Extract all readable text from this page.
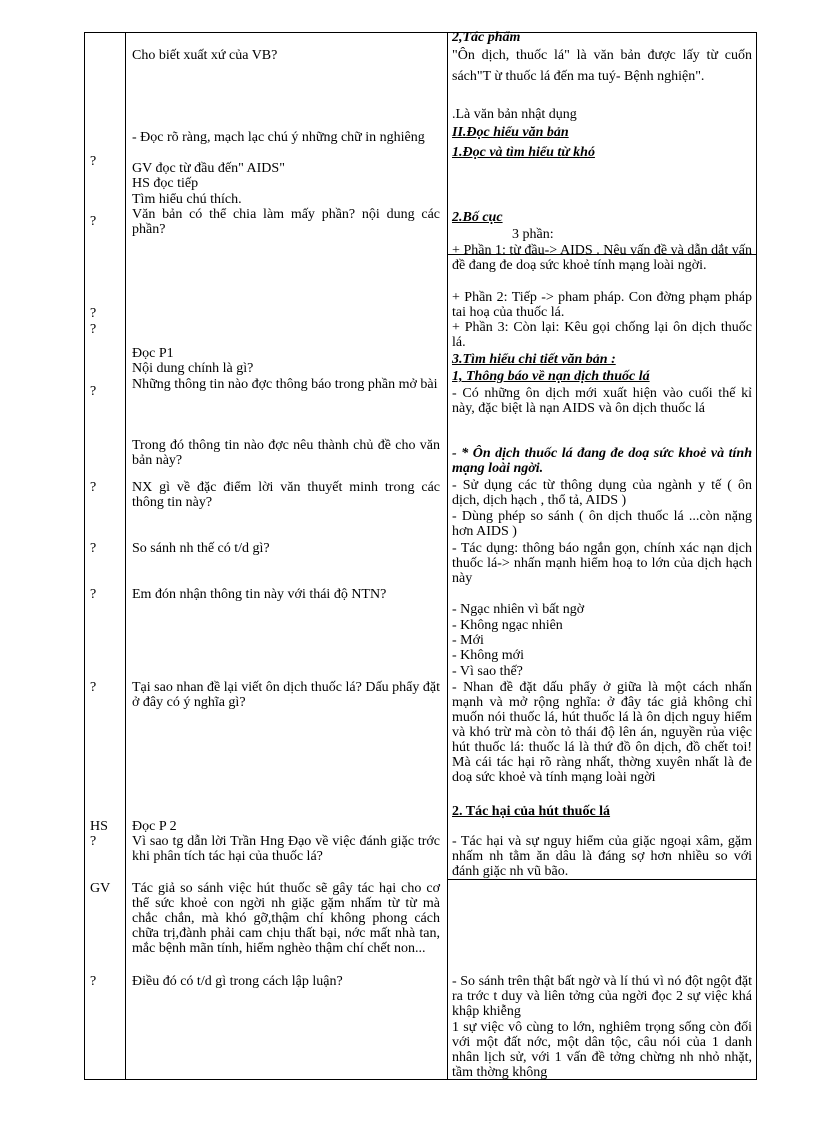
?
?
?
?
?
?
?
?
?
HS
?
GV
?
Cho biết xuất xứ của VB?
- Đọc rõ ràng, mạch lạc chú ý những chữ in nghiêng
GV đọc từ đầu đến" AIDS"
HS đọc tiếp
Tìm hiểu chú thích.
Văn bản có thể chia làm mấy phần? nội dung các phần?
Đọc P1
Nội dung chính là gì?
Những thông tin nào đợc thông báo trong phần mở bài
Trong đó thông tin nào đợc nêu thành chủ đề cho văn bản này?
NX gì về đặc điểm lời văn thuyết minh trong các thông tin này?
So sánh nh thế có t/d gì?
Em đón nhận thông tin này với thái độ NTN?
Tại sao nhan đề lại viết ôn dịch thuốc lá? Dấu phẩy đặt ở đây có ý nghĩa gì?
Đọc P 2
Vì sao tg dẫn lời Trần Hng Đạo về việc đánh giặc trớc khi phân tích tác hại của thuốc lá?
Tác giả so sánh việc hút thuốc sẽ gây tác hại cho cơ thể sức khoẻ con ngời nh giặc gặm nhấm từ từ mà chắc chắn, mà khó gỡ,thậm chí không phong cách chữa trị,đành phải cam chịu thất bại, nớc mất nhà tan, mắc bệnh mãn tính, hiểm nghèo thậm chí chết non...
Điều đó có t/d gì trong cách lập luận?
2,Tác phẩm
"Ôn dịch, thuốc lá" là văn bản được lấy từ cuốn sách"T ừ thuốc lá đến ma tuý- Bệnh nghiện".
.Là văn bản nhật dụng
II.Đọc hiểu văn bản
1.Đọc và tìm hiểu từ khó
2.Bố cục
3 phần:
+ Phần 1: từ đầu-> AIDS . Nêu vấn đề và dẫn dắt vấn đề đang đe doạ sức khoẻ tính mạng loài ngời.
+ Phần 2: Tiếp -> pham pháp. Con đờng phạm pháp tai hoạ của thuốc lá.
+ Phần 3: Còn lại: Kêu gọi chống lại ôn dịch thuốc lá.
3.Tìm hiểu chi tiết văn bản :
1, Thông báo về nạn dịch thuốc lá
- Có những ôn dịch mới xuất hiện vào cuối thế kỉ này, đặc biệt là nạn AIDS và ôn dịch thuốc lá
- * Ôn dịch thuốc lá đang đe doạ sức khoẻ và tính mạng loài ngời.
- Sử dụng các từ thông dụng của ngành y tế ( ôn dịch, dịch hạch , thổ tả, AIDS )
- Dùng phép so sánh ( ôn dịch thuốc lá ...còn nặng hơn AIDS )
- Tác dụng: thông báo ngắn gọn, chính xác nạn dịch thuốc lá-> nhấn mạnh hiểm hoạ to lớn của dịch hạch này
- Ngạc nhiên vì bất ngờ
- Không ngạc nhiên
- Mới
- Không mới
- Vì sao thế?
- Nhan đề đặt dấu phẩy ở giữa là một cách nhấn mạnh và mở rộng nghĩa: ở đây tác giả không chỉ muốn nói thuốc lá, hút thuốc lá là ôn dịch nguy hiểm và khó trừ mà còn tỏ thái độ lên án, nguyền rủa việc hút thuốc lá: thuốc lá là thứ đồ ôn dịch, đồ chết toi! Mà cái tác hại rõ ràng nhất, thờng xuyên nhất là đe doạ sức khoẻ và tính mạng loài ngời
2. Tác hại của hút thuốc lá
- Tác hại và sự nguy hiểm của giặc ngoại xâm, gặm nhấm nh tằm ăn dâu là đáng sợ hơn nhiều so với đánh giặc nh vũ bão.
- So sánh trên thật bất ngờ và lí thú vì nó đột ngột đặt ra trớc t duy và liên tởng của ngời đọc 2 sự việc khá khập khiễng
1 sự việc vô cùng to lớn, nghiêm trọng sống còn đối với một đất nớc, một dân tộc, câu nói của 1 danh nhân lịch sử, với 1 vấn đề tởng chừng nh nhỏ nhặt, tầm thờng không
